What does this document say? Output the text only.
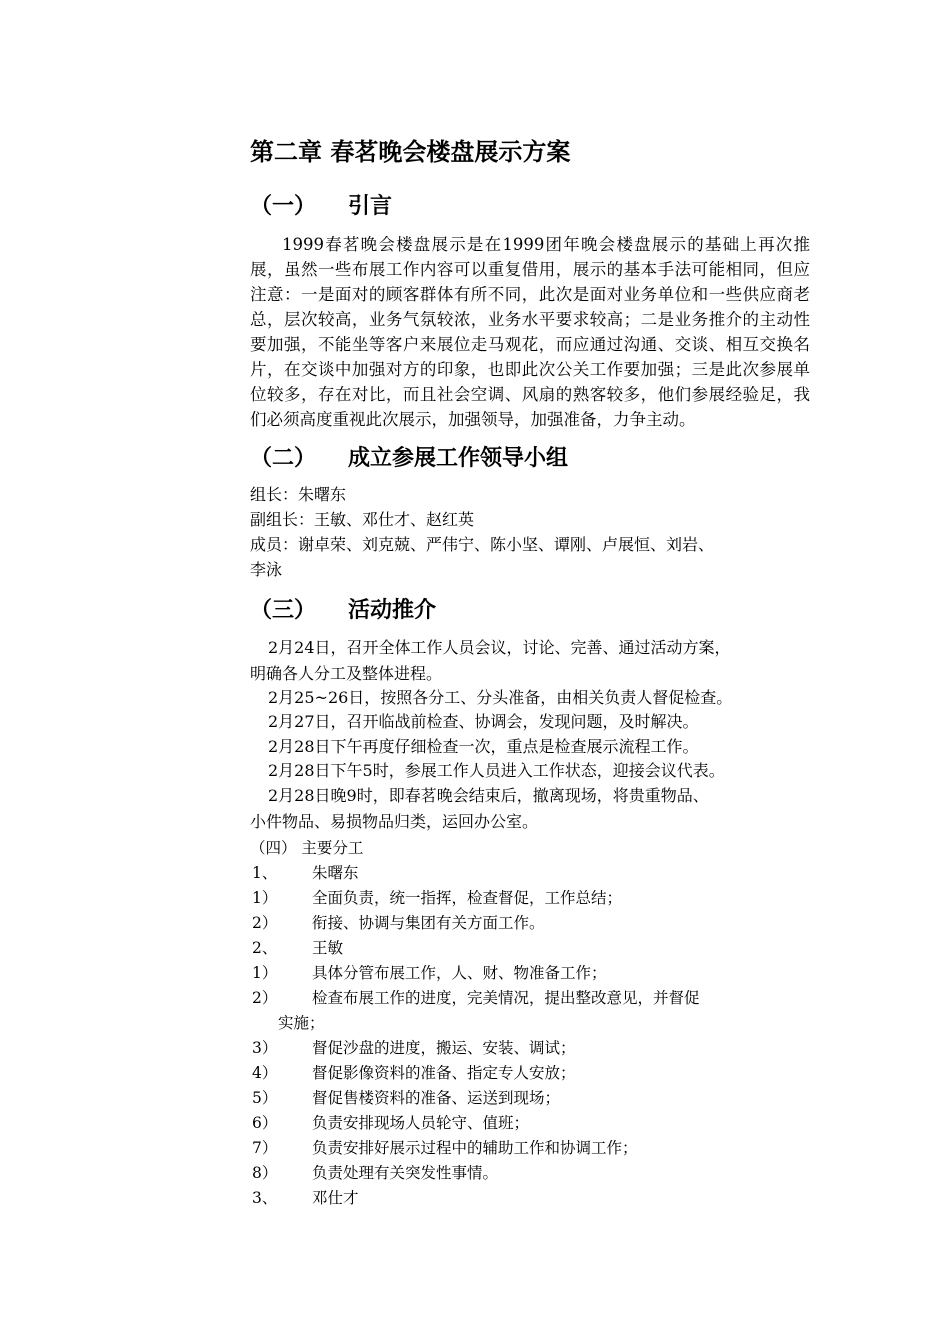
第二章 春茗晚会楼盘展示方案
（一） 引言

1999春茗晚会楼盘展示是在1999团年晚会楼盘展示的基础上再次推展，虽然一些布展工作内容可以重复借用，展示的基本手法可能相同，但应注意：一是面对的顾客群体有所不同，此次是面对业务单位和一些供应商老总，层次较高，业务气氛较浓，业务水平要求较高；二是业务推介的主动性要加强，不能坐等客户来展位走马观花，而应通过沟通、交谈、相互交换名片，在交谈中加强对方的印象，也即此次公关工作要加强；三是此次参展单位较多，存在对比，而且社会空调、风扇的熟客较多，他们参展经验足，我们必须高度重视此次展示，加强领导，加强准备，力争主动。

（二） 成立参展工作领导小组

组长：朱曙东

副组长：王敏、邓仕才、赵红英

成员：谢卓荣、刘克兢、严伟宁、陈小坚、谭刚、卢展恒、刘岩、

李泳

（三） 活动推介

2月24日，召开全体工作人员会议，讨论、完善、通过活动方案，

明确各人分工及整体进程。

2月25~26日，按照各分工、分头准备，由相关负责人督促检查。

2月27日，召开临战前检查、协调会，发现问题，及时解决。

2月28日下午再度仔细检查一次，重点是检查展示流程工作。

2月28日下午5时，参展工作人员进入工作状态，迎接会议代表。

2月28日晚9时，即春茗晚会结束后，撤离现场，将贵重物品、

小件物品、易损物品归类，运回办公室。

（四） 主要分工

1、	朱曙东

1）	全面负责，统一指挥，检查督促，工作总结；

2）	衔接、协调与集团有关方面工作。

2、	王敏

1）	具体分管布展工作，人、财、物准备工作；

2）	检查布展工作的进度，完美情况，提出整改意见，并督促
实施；

3）	督促沙盘的进度，搬运、安装、调试；

4）	督促影像资料的准备、指定专人安放；

5）	督促售楼资料的准备、运送到现场；

6）	负责安排现场人员轮守、值班；

7）	负责安排好展示过程中的辅助工作和协调工作；

8）	负责处理有关突发性事情。

3、	邓仕才
